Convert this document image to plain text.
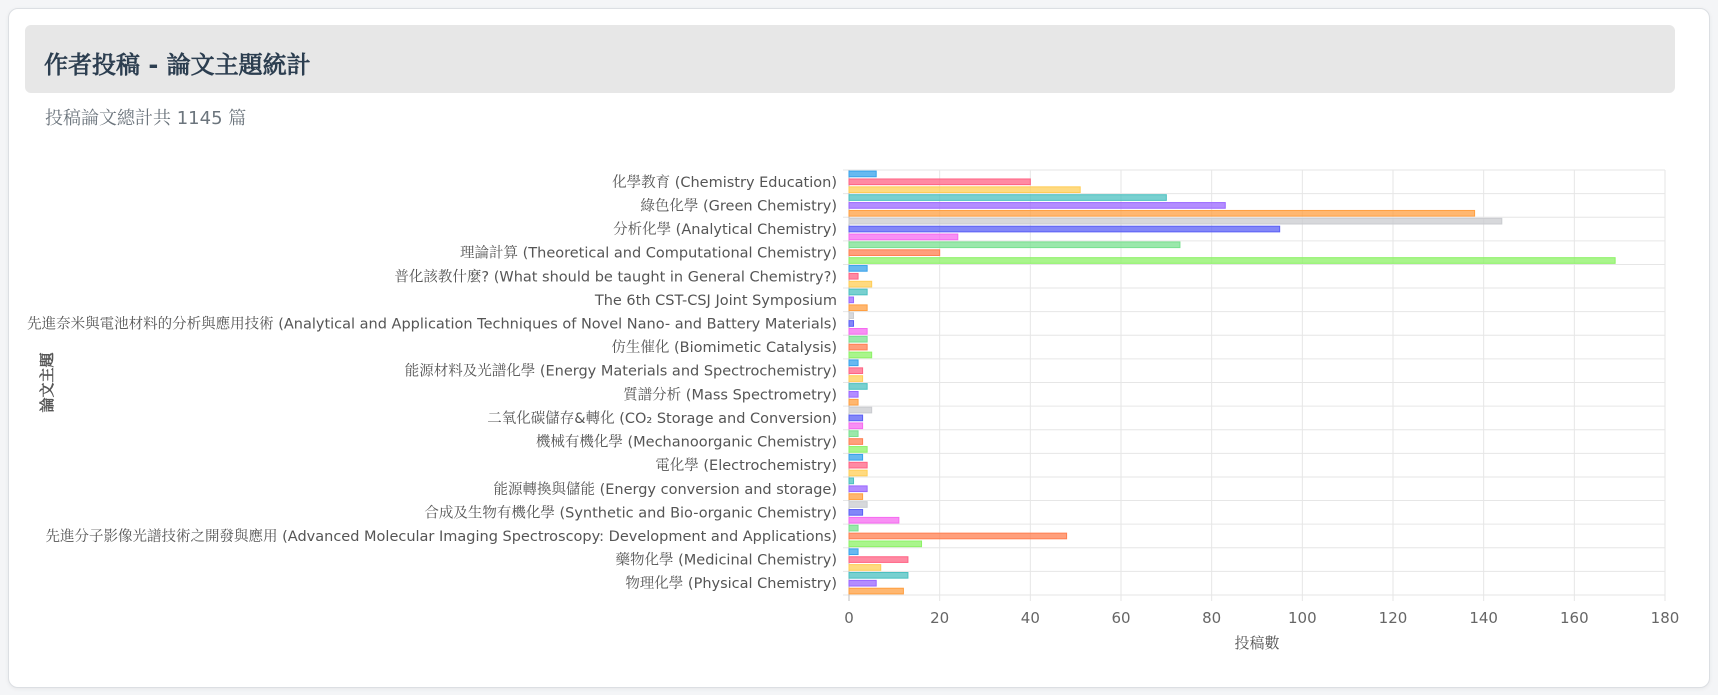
作者投稿 - 論文主題統計
投稿論文總計共 1145 篇
0	20	40	60	80	100	120	140	160	180
化學教育 (Chemistry Education)
綠色化學 (Green Chemistry)
分析化學 (Analytical Chemistry)
理論計算 (Theoretical and Computational Chemistry)
普化該教什麼? (What should be taught in General Chemistry?)
The 6th CST-CSJ Joint Symposium
先進奈米與電池材料的分析與應用技術 (Analytical and Application Techniques of Novel Nano- and Battery Materials)
仿生催化 (Biomimetic Catalysis)
能源材料及光譜化學 (Energy Materials and Spectrochemistry)
質譜分析 (Mass Spectrometry)
二氧化碳儲存&轉化 (CO₂ Storage and Conversion)
機械有機化學 (Mechanoorganic Chemistry)
電化學 (Electrochemistry)
能源轉換與儲能 (Energy conversion and storage)
合成及生物有機化學 (Synthetic and Bio-organic Chemistry)
先進分子影像光譜技術之開發與應用 (Advanced Molecular Imaging Spectroscopy: Development and Applications)
藥物化學 (Medicinal Chemistry)
物理化學 (Physical Chemistry)
投稿數
論文主題
